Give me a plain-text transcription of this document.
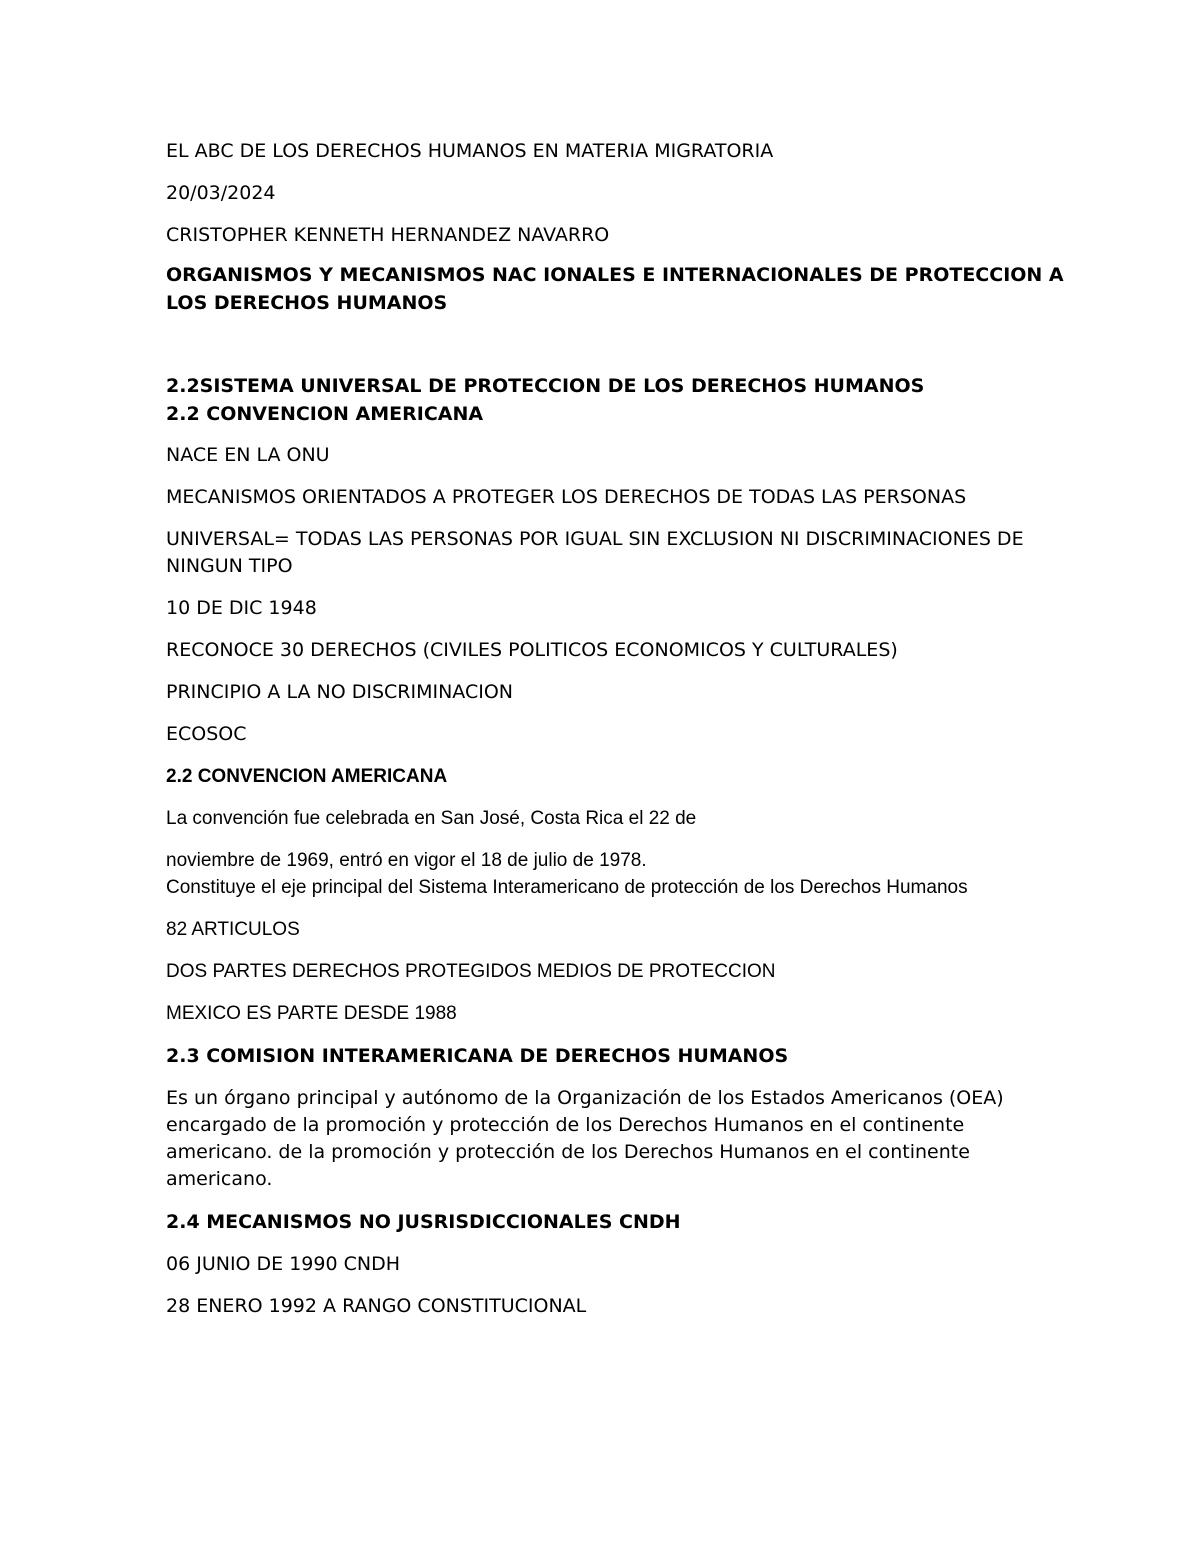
EL ABC DE LOS DERECHOS HUMANOS EN MATERIA MIGRATORIA

20/03/2024

CRISTOPHER KENNETH HERNANDEZ NAVARRO

ORGANISMOS Y MECANISMOS NAC IONALES E INTERNACIONALES DE PROTECCION A LOS DERECHOS HUMANOS

2.2SISTEMA UNIVERSAL DE PROTECCION DE LOS DERECHOS HUMANOS

2.2 CONVENCION AMERICANA

NACE EN LA ONU

MECANISMOS ORIENTADOS A PROTEGER LOS DERECHOS DE TODAS LAS PERSONAS

UNIVERSAL= TODAS LAS PERSONAS POR IGUAL SIN EXCLUSION NI DISCRIMINACIONES DE NINGUN TIPO

10 DE DIC 1948

RECONOCE 30 DERECHOS (CIVILES POLITICOS ECONOMICOS Y CULTURALES)

PRINCIPIO A LA NO DISCRIMINACION

ECOSOC

2.2 CONVENCION AMERICANA

La convención fue celebrada en San José, Costa Rica el 22 de

noviembre de 1969, entró en vigor el 18 de julio de 1978.

Constituye el eje principal del Sistema Interamericano de protección de los Derechos Humanos

82 ARTICULOS

DOS PARTES DERECHOS PROTEGIDOS MEDIOS DE PROTECCION

MEXICO ES PARTE DESDE 1988

2.3 COMISION INTERAMERICANA DE DERECHOS HUMANOS

Es un órgano principal y autónomo de la Organización de los Estados Americanos (OEA) encargado de la promoción y protección de los Derechos Humanos en el continente americano. de la promoción y protección de los Derechos Humanos en el continente americano.

2.4 MECANISMOS NO JUSRISDICCIONALES CNDH

06 JUNIO DE 1990 CNDH

28 ENERO 1992 A RANGO CONSTITUCIONAL
